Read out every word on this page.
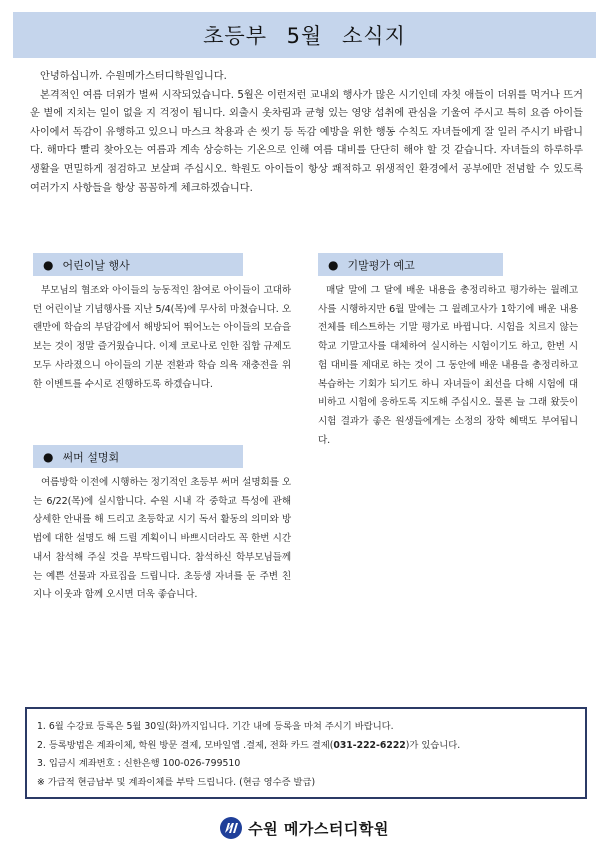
초등부 5월 소식지

안녕하십니까. 수원메가스터디학원입니다.

본격적인 여름 더위가 벌써 시작되었습니다. 5월은 이런저런 교내외 행사가 많은 시기인데 자칫 애들이 더위를 먹거나 뜨거운 볕에 지치는 일이 없을 지 걱정이 됩니다. 외출시 옷차림과 균형 있는 영양 섭취에 관심을 기울여 주시고 특히 요즘 아이들 사이에서 독감이 유행하고 있으니 마스크 착용과 손 씻기 등 독감 예방을 위한 행동 수칙도 자녀들에게 잘 일러 주시기 바랍니다. 해마다 빨리 찾아오는 여름과 계속 상승하는 기온으로 인해 여름 대비를 단단히 해야 할 것 같습니다. 자녀들의 하루하루 생활을 면밀하게 점검하고 보살펴 주십시오. 학원도 아이들이 항상 쾌적하고 위생적인 환경에서 공부에만 전념할 수 있도록 여러가지 사항들을 항상 꼼꼼하게 체크하겠습니다.

● 어린이날 행사

부모님의 협조와 아이들의 능동적인 참여로 아이들이 고대하던 어린이날 기념행사를 지난 5/4(목)에 무사히 마쳤습니다. 오랜만에 학습의 부담감에서 해방되어 뛰어노는 아이들의 모습을 보는 것이 정말 즐거웠습니다. 이제 코로나로 인한 집합 규제도 모두 사라졌으니 아이들의 기분 전환과 학습 의욕 재충전을 위한 이벤트를 수시로 진행하도록 하겠습니다.

● 써머 설명회

여름방학 이전에 시행하는 정기적인 초등부 써머 설명회를 오는 6/22(목)에 실시합니다. 수원 시내 각 중학교 특성에 관해 상세한 안내를 해 드리고 초등학교 시기 독서 활동의 의미와 방법에 대한 설명도 해 드릴 계획이니 바쁘시더라도 꼭 한번 시간 내서 참석해 주실 것을 부탁드립니다. 참석하신 학부모님들께는 예쁜 선물과 자료집을 드립니다. 초등생 자녀를 둔 주변 친지나 이웃과 함께 오시면 더욱 좋습니다.

● 기말평가 예고

매달 말에 그 달에 배운 내용을 총정리하고 평가하는 월례고사를 시행하지만 6월 말에는 그 월례고사가 1학기에 배운 내용 전체를 테스트하는 기말 평가로 바뀝니다. 시험을 치르지 않는 학교 기말고사를 대체하여 실시하는 시험이기도 하고, 한번 시험 대비를 제대로 하는 것이 그 동안에 배운 내용을 총정리하고 복습하는 기회가 되기도 하니 자녀들이 최선을 다해 시험에 대비하고 시험에 응하도록 지도해 주십시오. 물론 늘 그래 왔듯이 시험 결과가 좋은 원생들에게는 소정의 장학 혜택도 부여됩니다.

1. 6월 수강료 등록은 5월 30일(화)까지입니다. 기간 내에 등록을 마쳐 주시기 바랍니다.
2. 등록방법은 계좌이체, 학원 방문 결제, 모바일앱 .결제, 전화 카드 결제(031-222-6222)가 있습니다.
3. 입금시 계좌번호 : 신한은행 100-026-799510
※ 가급적 현금납부 및 계좌이체를 부탁 드립니다. (현금 영수증 발급)
수원 메가스터디학원
